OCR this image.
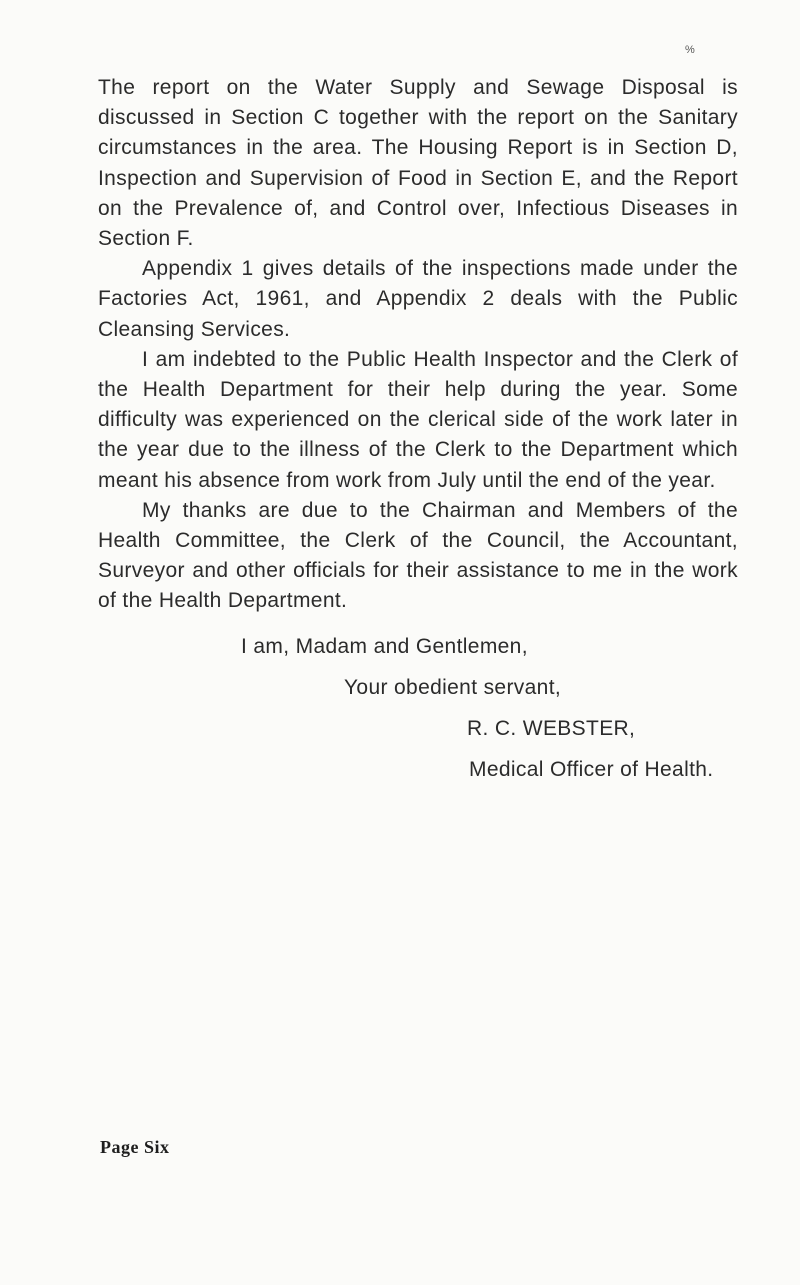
%

The report on the Water Supply and Sewage Disposal is discussed in Section C together with the report on the Sanitary circumstances in the area. The Housing Report is in Section D, Inspection and Supervision of Food in Section E, and the Report on the Prevalence of, and Control over, Infectious Diseases in Section F.

Appendix 1 gives details of the inspections made under the Factories Act, 1961, and Appendix 2 deals with the Public Cleansing Services.

I am indebted to the Public Health Inspector and the Clerk of the Health Department for their help during the year. Some difficulty was experienced on the clerical side of the work later in the year due to the illness of the Clerk to the Department which meant his absence from work from July until the end of the year.

My thanks are due to the Chairman and Members of the Health Committee, the Clerk of the Council, the Accountant, Surveyor and other officials for their assistance to me in the work of the Health Department.

I am, Madam and Gentlemen,
Your obedient servant,
R. C. WEBSTER,
Medical Officer of Health.
Page Six
